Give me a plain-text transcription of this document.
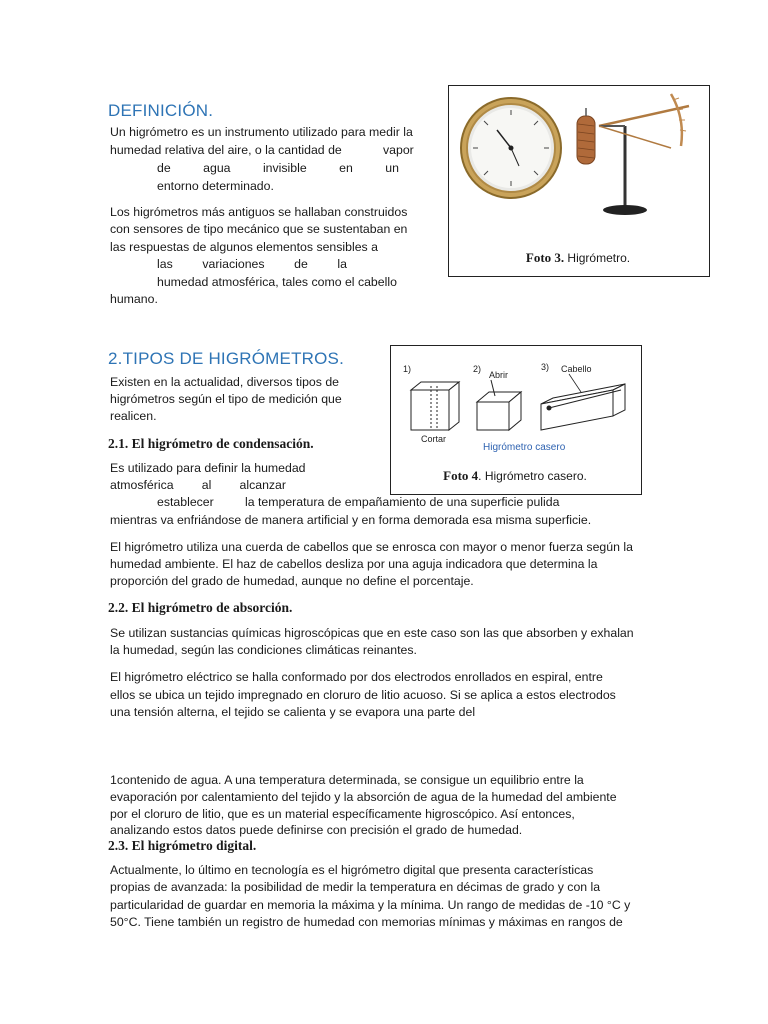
DEFINICIÓN.

Un higrómetro es un instrumento utilizado para medir la

humedad relativa del aire, o la cantidad de	vapor

de	agua	invisible	en	un

entorno determinado.

Los higrómetros más antiguos se hallaban construidos

con sensores de tipo mecánico que se sustentaban en

las respuestas de algunos elementos sensibles a

las variaciones de la

humedad atmosférica, tales como el cabello

humano.

Foto 3. Higrómetro.
2.TIPOS DE HIGRÓMETROS.

Existen en la actualidad, diversos tipos de

higrómetros según el tipo de medición que

realicen.

1)	2)	3)
Cortar
Abrir
Cabello
Higrómetro casero
Foto 4. Higrómetro casero.
2.1. El higrómetro de condensación.

Es utilizado para definir la humedad

atmosférica al alcanzar

establecer	la temperatura de empañamiento de una superficie pulida

mientras va enfriándose de manera artificial y en forma demorada esa misma superficie.

El higrómetro utiliza una cuerda de cabellos que se enrosca con mayor o menor fuerza según la

humedad ambiente. El haz de cabellos desliza por una aguja indicadora que determina la

proporción del grado de humedad, aunque no define el porcentaje.

2.2. El higrómetro de absorción.

Se utilizan sustancias químicas higroscópicas que en este caso son las que absorben y exhalan

la humedad, según las condiciones climáticas reinantes.

El higrómetro eléctrico se halla conformado por dos electrodos enrollados en espiral, entre

ellos se ubica un tejido impregnado en cloruro de litio acuoso. Si se aplica a estos electrodos

una tensión alterna, el tejido se calienta y se evapora una parte del

1contenido de agua. A una temperatura determinada, se consigue un equilibrio entre la

evaporación por calentamiento del tejido y la absorción de agua de la humedad del ambiente

por el cloruro de litio, que es un material específicamente higroscópico. Así entonces,

analizando estos datos puede definirse con precisión el grado de humedad.

2.3. El higrómetro digital.

Actualmente, lo último en tecnología es el higrómetro digital que presenta características

propias de avanzada: la posibilidad de medir la temperatura en décimas de grado y con la

particularidad de guardar en memoria la máxima y la mínima. Un rango de medidas de -10 °C y

50°C. Tiene también un registro de humedad con memorias mínimas y máximas en rangos de
